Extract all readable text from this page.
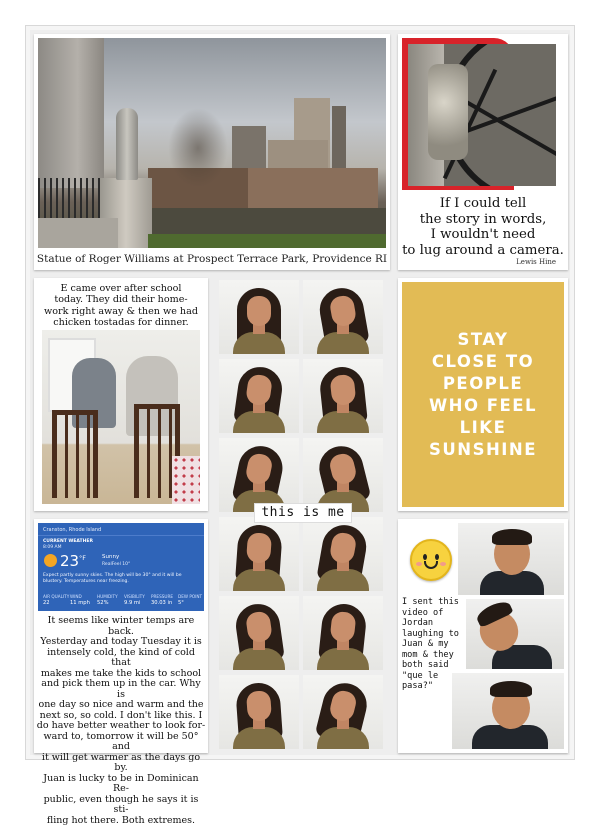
Statue of Roger Williams at Prospect Terrace Park, Providence RI
If I could tell
the story in words,
I wouldn't need
to lug around a camera.
Lewis Hine
E came over after school
today. They did their home-
work right away & then we had
chicken tostadas for dinner.
this is me
STAY
CLOSE TO
PEOPLE
WHO FEEL
LIKE
SUNSHINE
Cranston, Rhode Island
CURRENT WEATHER
8:09 AM
23 °F	Sunny
RealFeel 10°
Expect partly sunny skies. The high will be 30° and it will be blustery. Temperatures near freezing.
AIR QUALITY
22
WIND
11 mph
HUMIDITY
52%
VISIBILITY
9.9 mi
PRESSURE
30.03 in
DEW POINT
5°
It seems like winter temps are back.
Yesterday and today Tuesday it is
intensely cold, the kind of cold that
makes me take the kids to school
and pick them up in the car. Why is
one day so nice and warm and the
next so, so cold. I don't like this. I
do have better weather to look for-
ward to, tomorrow it will be 50° and
it will get warmer as the days go by.
Juan is lucky to be in Dominican Re-
public, even though he says it is sti-
fling hot there. Both extremes.
I sent this
video of
Jordan
laughing to
Juan & my
mom & they
both said
"que le pasa?"
